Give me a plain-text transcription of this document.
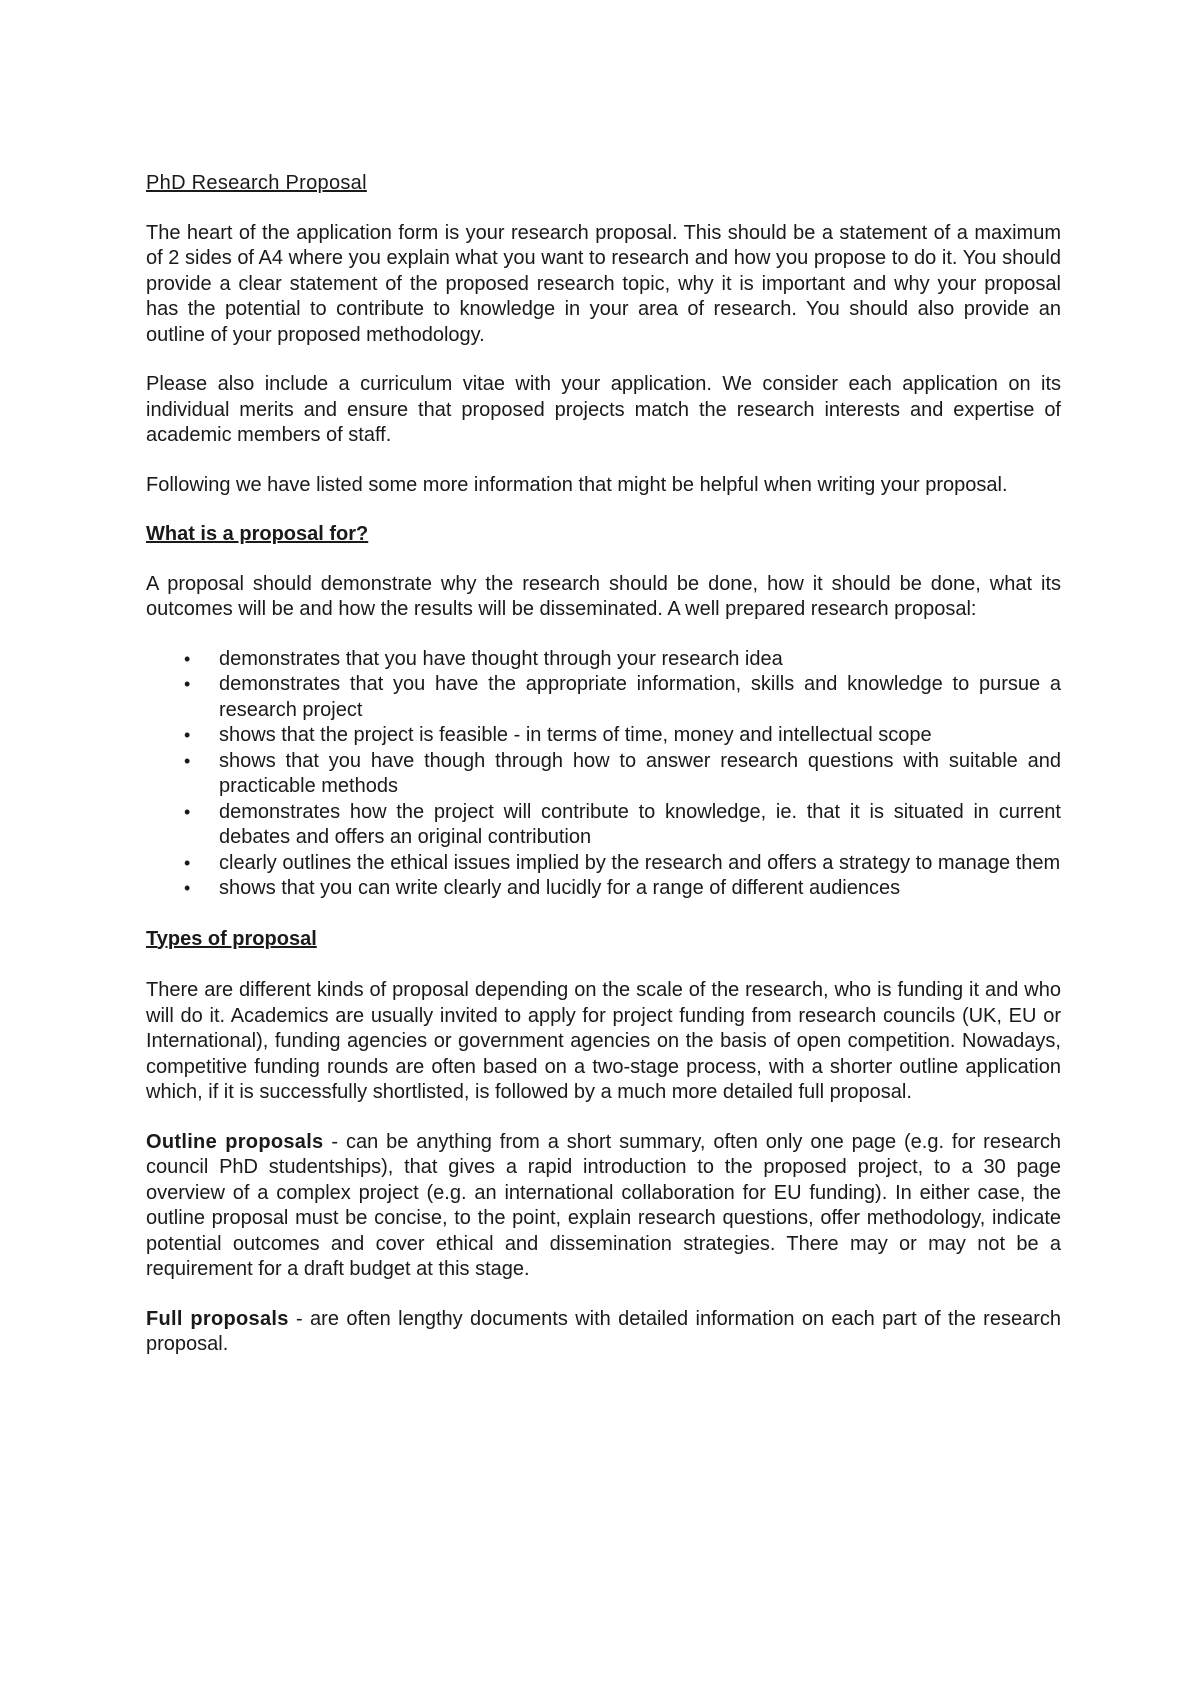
PhD Research Proposal

The heart of the application form is your research proposal. This should be a statement of a maximum of 2 sides of A4 where you explain what you want to research and how you propose to do it. You should provide a clear statement of the proposed research topic, why it is important and why your proposal has the potential to contribute to knowledge in your area of research. You should also provide an outline of your proposed methodology.

Please also include a curriculum vitae with your application. We consider each application on its individual merits and ensure that proposed projects match the research interests and expertise of academic members of staff.

Following we have listed some more information that might be helpful when writing your proposal.

What is a proposal for?

A proposal should demonstrate why the research should be done, how it should be done, what its outcomes will be and how the results will be disseminated. A well prepared research proposal:

• demonstrates that you have thought through your research idea
• demonstrates that you have the appropriate information, skills and knowledge to pursue a research project
• shows that the project is feasible - in terms of time, money and intellectual scope
• shows that you have though through how to answer research questions with suitable and practicable methods
• demonstrates how the project will contribute to knowledge, ie. that it is situated in current debates and offers an original contribution
• clearly outlines the ethical issues implied by the research and offers a strategy to manage them
• shows that you can write clearly and lucidly for a range of different audiences
Types of proposal

There are different kinds of proposal depending on the scale of the research, who is funding it and who will do it. Academics are usually invited to apply for project funding from research councils (UK, EU or International), funding agencies or government agencies on the basis of open competition. Nowadays, competitive funding rounds are often based on a two-stage process, with a shorter outline application which, if it is successfully shortlisted, is followed by a much more detailed full proposal.

Outline proposals - can be anything from a short summary, often only one page (e.g. for research council PhD studentships), that gives a rapid introduction to the proposed project, to a 30 page overview of a complex project (e.g. an international collaboration for EU funding). In either case, the outline proposal must be concise, to the point, explain research questions, offer methodology, indicate potential outcomes and cover ethical and dissemination strategies. There may or may not be a requirement for a draft budget at this stage.

Full proposals - are often lengthy documents with detailed information on each part of the research proposal.
